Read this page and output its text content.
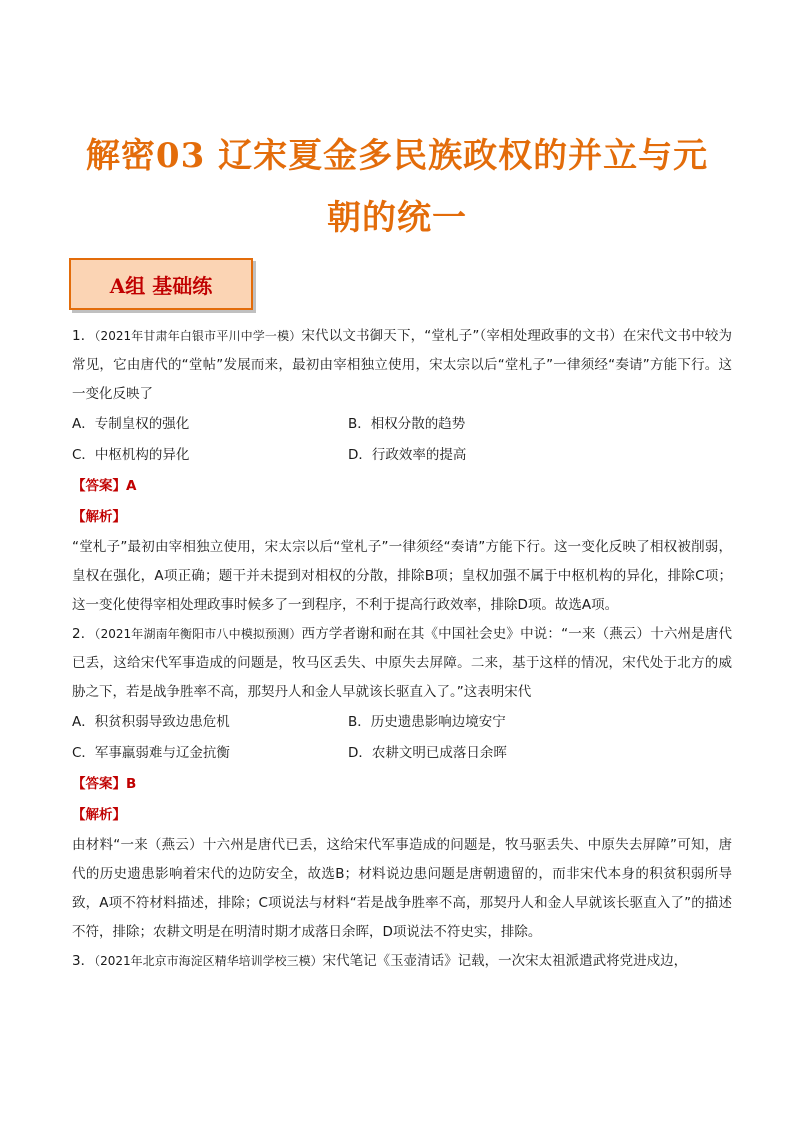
解密03 辽宋夏金多民族政权的并立与元
朝的统一
A组 基础练

1．（2021年甘肃年白银市平川中学一模）宋代以文书御天下，“堂札子”（宰相处理政事的文书）在宋代文书中较为常见，它由唐代的“堂帖”发展而来，最初由宰相独立使用，宋太宗以后“堂札子”一律须经“奏请”方能下行。这一变化反映了

A．专制皇权的强化	B．相权分散的趋势
C．中枢机构的异化	D．行政效率的提高
【答案】A
【解析】

“堂札子”最初由宰相独立使用，宋太宗以后“堂札子”一律须经“奏请”方能下行。这一变化反映了相权被削弱，皇权在强化，A项正确；题干并未提到对相权的分散，排除B项；皇权加强不属于中枢机构的异化，排除C项；这一变化使得宰相处理政事时候多了一到程序，不利于提高行政效率，排除D项。故选A项。

2．（2021年湖南年衡阳市八中模拟预测）西方学者谢和耐在其《中国社会史》中说：“一来（燕云）十六州是唐代已丢，这给宋代军事造成的问题是，牧马区丢失、中原失去屏障。二来，基于这样的情况，宋代处于北方的威胁之下，若是战争胜率不高，那契丹人和金人早就该长驱直入了。”这表明宋代

A．积贫积弱导致边患危机	B．历史遗患影响边境安宁
C．军事羸弱难与辽金抗衡	D．农耕文明已成落日余晖
【答案】B
【解析】

由材料“一来（燕云）十六州是唐代已丢，这给宋代军事造成的问题是，牧马驱丢失、中原失去屏障”可知，唐代的历史遗患影响着宋代的边防安全，故选B；材料说边患问题是唐朝遗留的，而非宋代本身的积贫积弱所导致，A项不符材料描述，排除；C项说法与材料“若是战争胜率不高，那契丹人和金人早就该长驱直入了”的描述不符，排除；农耕文明是在明清时期才成落日余晖，D项说法不符史实，排除。

3．（2021年北京市海淀区精华培训学校三模）宋代笔记《玉壶清话》记载，一次宋太祖派遣武将党进戍边，
